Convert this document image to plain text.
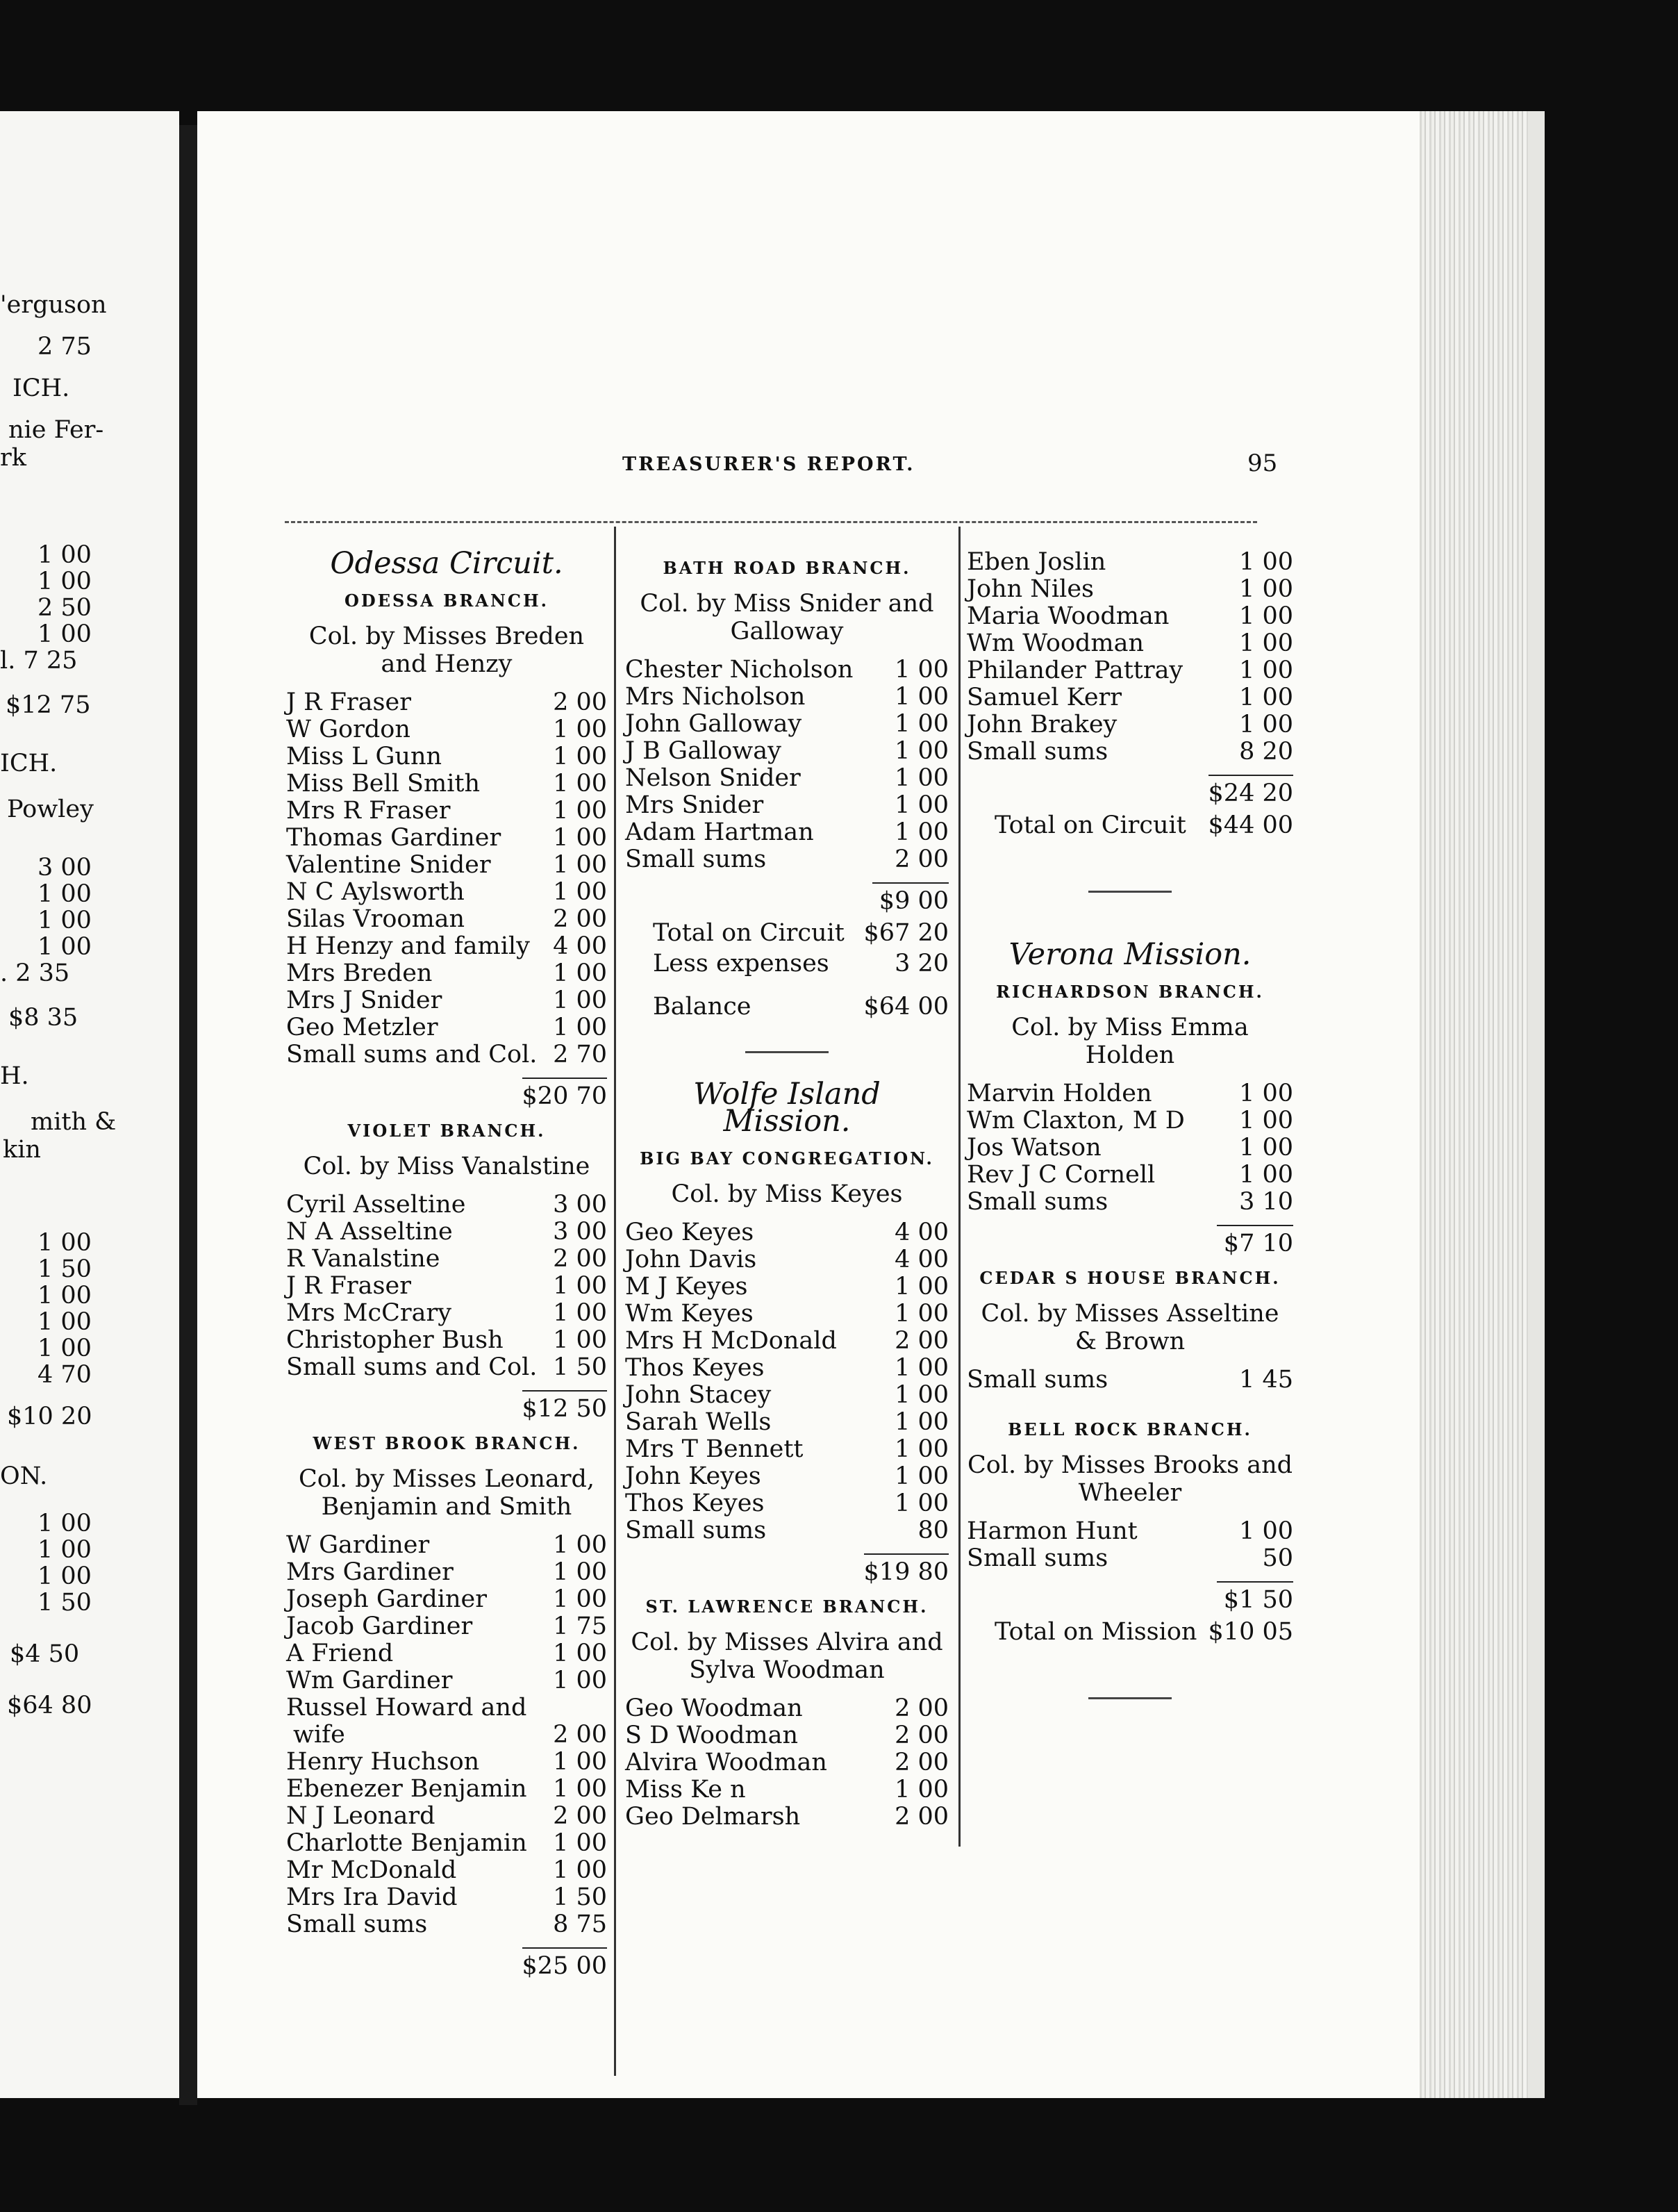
'erguson
2 75
ICH.
nie Fer-
rk
1 00
1 00
2 50
1 00
l. 7 25
$12 75
ICH.
Powley
3 00
1 00
1 00
1 00
. 2 35
$8 35
H.
mith &
kin
1 00
1 50
1 00
1 00
1 00
4 70
$10 20
ON.
1 00
1 00
1 00
1 50
$4 50
$64 80
TREASURER'S REPORT.	95
Odessa Circuit.
ODESSA BRANCH.
Col. by Misses Breden and Henzy
J R Fraser	2 00
W Gordon	1 00
Miss L Gunn	1 00
Miss Bell Smith	1 00
Mrs R Fraser	1 00
Thomas Gardiner	1 00
Valentine Snider	1 00
N C Aylsworth	1 00
Silas Vrooman	2 00
H Henzy and family 4 00
Mrs Breden	1 00
Mrs J Snider	1 00
Geo Metzler	1 00
Small sums and Col. 2 70
$20 70
VIOLET BRANCH.
Col. by Miss Vanalstine
Cyril Asseltine	3 00
N A Asseltine	3 00
R Vanalstine	2 00
J R Fraser	1 00
Mrs McCrary	1 00
Christopher Bush	1 00
Small sums and Col. 1 50
$12 50
WEST BROOK BRANCH.
Col. by Misses Leonard, Benjamin and Smith
W Gardiner	1 00
Mrs Gardiner	1 00
Joseph Gardiner	1 00
Jacob Gardiner	1 75
A Friend	1 00
Wm Gardiner	1 00
Russel Howard and
wife	2 00
Henry Huchson	1 00
Ebenezer Benjamin	1 00
N J Leonard	2 00
Charlotte Benjamin	1 00
Mr McDonald	1 00
Mrs Ira David	1 50
Small sums	8 75
$25 00
BATH ROAD BRANCH.
Col. by Miss Snider and Galloway
Chester Nicholson	1 00
Mrs Nicholson	1 00
John Galloway	1 00
J B Galloway	1 00
Nelson Snider	1 00
Mrs Snider	1 00
Adam Hartman	1 00
Small sums	2 00
$9 00
Total on Circuit $67 20
Less expenses	3 20
Balance	$64 00
Wolfe Island Mission.
BIG BAY CONGREGATION.
Col. by Miss Keyes
Geo Keyes	4 00
John Davis	4 00
M J Keyes	1 00
Wm Keyes	1 00
Mrs H McDonald	2 00
Thos Keyes	1 00
John Stacey	1 00
Sarah Wells	1 00
Mrs T Bennett	1 00
John Keyes	1 00
Thos Keyes	1 00
Small sums	80
$19 80
ST. LAWRENCE BRANCH.
Col. by Misses Alvira and Sylva Woodman
Geo Woodman	2 00
S D Woodman	2 00
Alvira Woodman	2 00
Miss Ke n	1 00
Geo Delmarsh	2 00
Eben Joslin	1 00
John Niles	1 00
Maria Woodman	1 00
Wm Woodman	1 00
Philander Pattray	1 00
Samuel Kerr	1 00
John Brakey	1 00
Small sums	8 20
$24 20
Total on Circuit $44 00
Verona Mission.
RICHARDSON BRANCH.
Col. by Miss Emma Holden
Marvin Holden	1 00
Wm Claxton, M D	1 00
Jos Watson	1 00
Rev J C Cornell	1 00
Small sums	3 10
$7 10
CEDAR S HOUSE BRANCH.
Col. by Misses Asseltine & Brown
Small sums	1 45
BELL ROCK BRANCH.
Col. by Misses Brooks and Wheeler
Harmon Hunt	1 00
Small sums	50
$1 50
Total on Mission $10 05
